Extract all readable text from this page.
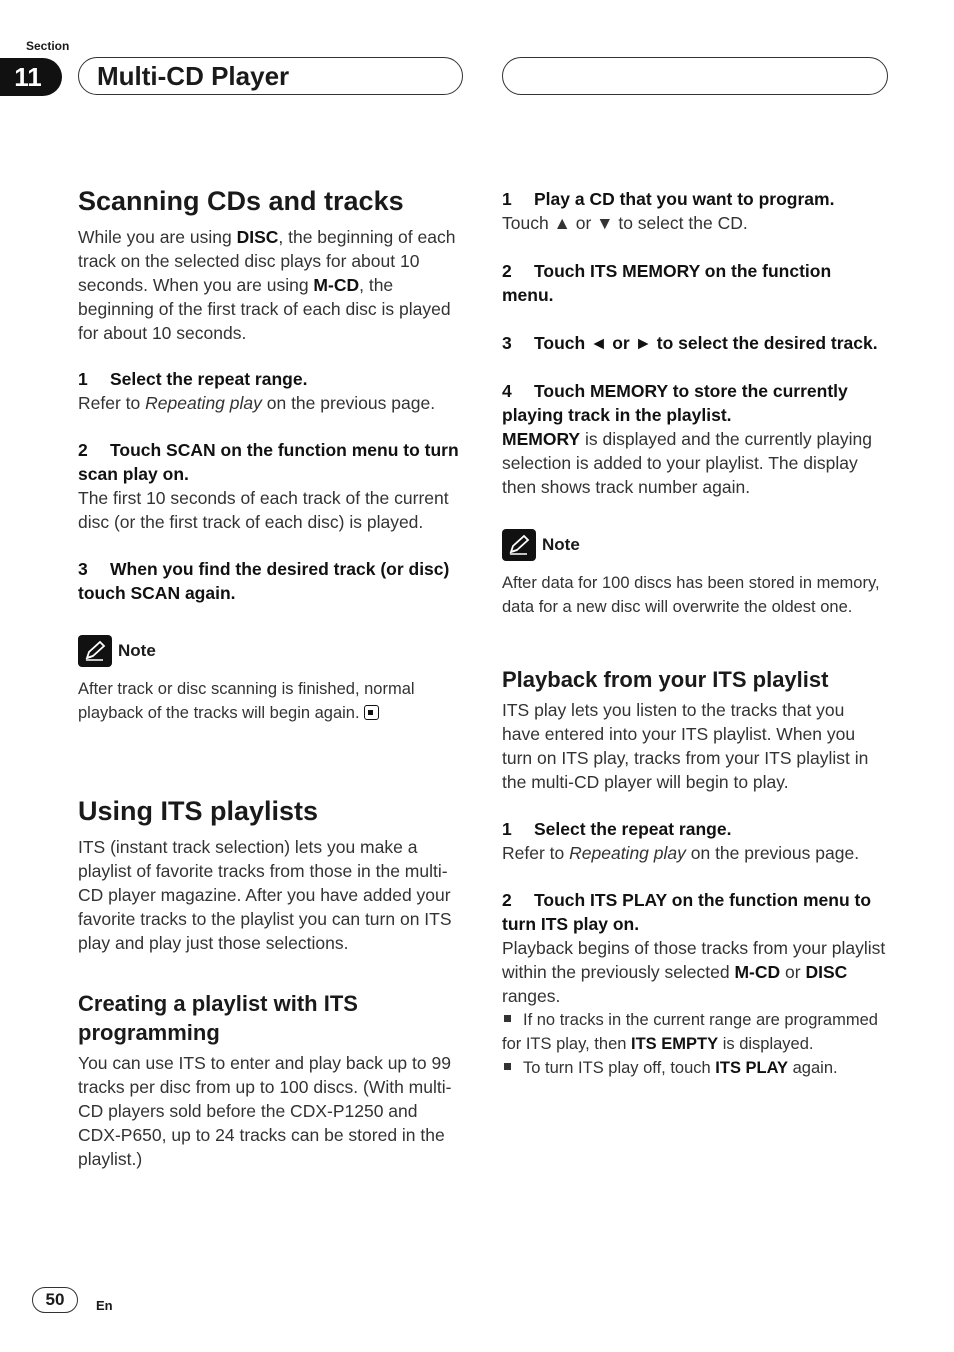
Section
11	Multi-CD Player
Scanning CDs and tracks

While you are using DISC, the beginning of each track on the selected disc plays for about 10 seconds. When you are using M-CD, the beginning of the first track of each disc is played for about 10 seconds.

1 Select the repeat range.

Refer to Repeating play on the previous page.

2 Touch SCAN on the function menu to turn scan play on.

The first 10 seconds of each track of the current disc (or the first track of each disc) is played.

3 When you find the desired track (or disc) touch SCAN again.

Note

After track or disc scanning is finished, normal playback of the tracks will begin again.

Using ITS playlists

ITS (instant track selection) lets you make a playlist of favorite tracks from those in the multi-CD player magazine. After you have added your favorite tracks to the playlist you can turn on ITS play and play just those selections.

Creating a playlist with ITS programming

You can use ITS to enter and play back up to 99 tracks per disc from up to 100 discs. (With multi-CD players sold before the CDX-P1250 and CDX-P650, up to 24 tracks can be stored in the playlist.)

1 Play a CD that you want to program.

Touch ▲ or ▼ to select the CD.

2 Touch ITS MEMORY on the function menu.

3 Touch ◄ or ► to select the desired track.

4 Touch MEMORY to store the currently playing track in the playlist.

MEMORY is displayed and the currently playing selection is added to your playlist. The display then shows track number again.

Note

After data for 100 discs has been stored in memory, data for a new disc will overwrite the oldest one.

Playback from your ITS playlist

ITS play lets you listen to the tracks that you have entered into your ITS playlist. When you turn on ITS play, tracks from your ITS playlist in the multi-CD player will begin to play.

1 Select the repeat range.

Refer to Repeating play on the previous page.

2 Touch ITS PLAY on the function menu to turn ITS play on.

Playback begins of those tracks from your playlist within the previously selected M-CD or DISC ranges.

If no tracks in the current range are programmed for ITS play, then ITS EMPTY is displayed.

To turn ITS play off, touch ITS PLAY again.

50	En
